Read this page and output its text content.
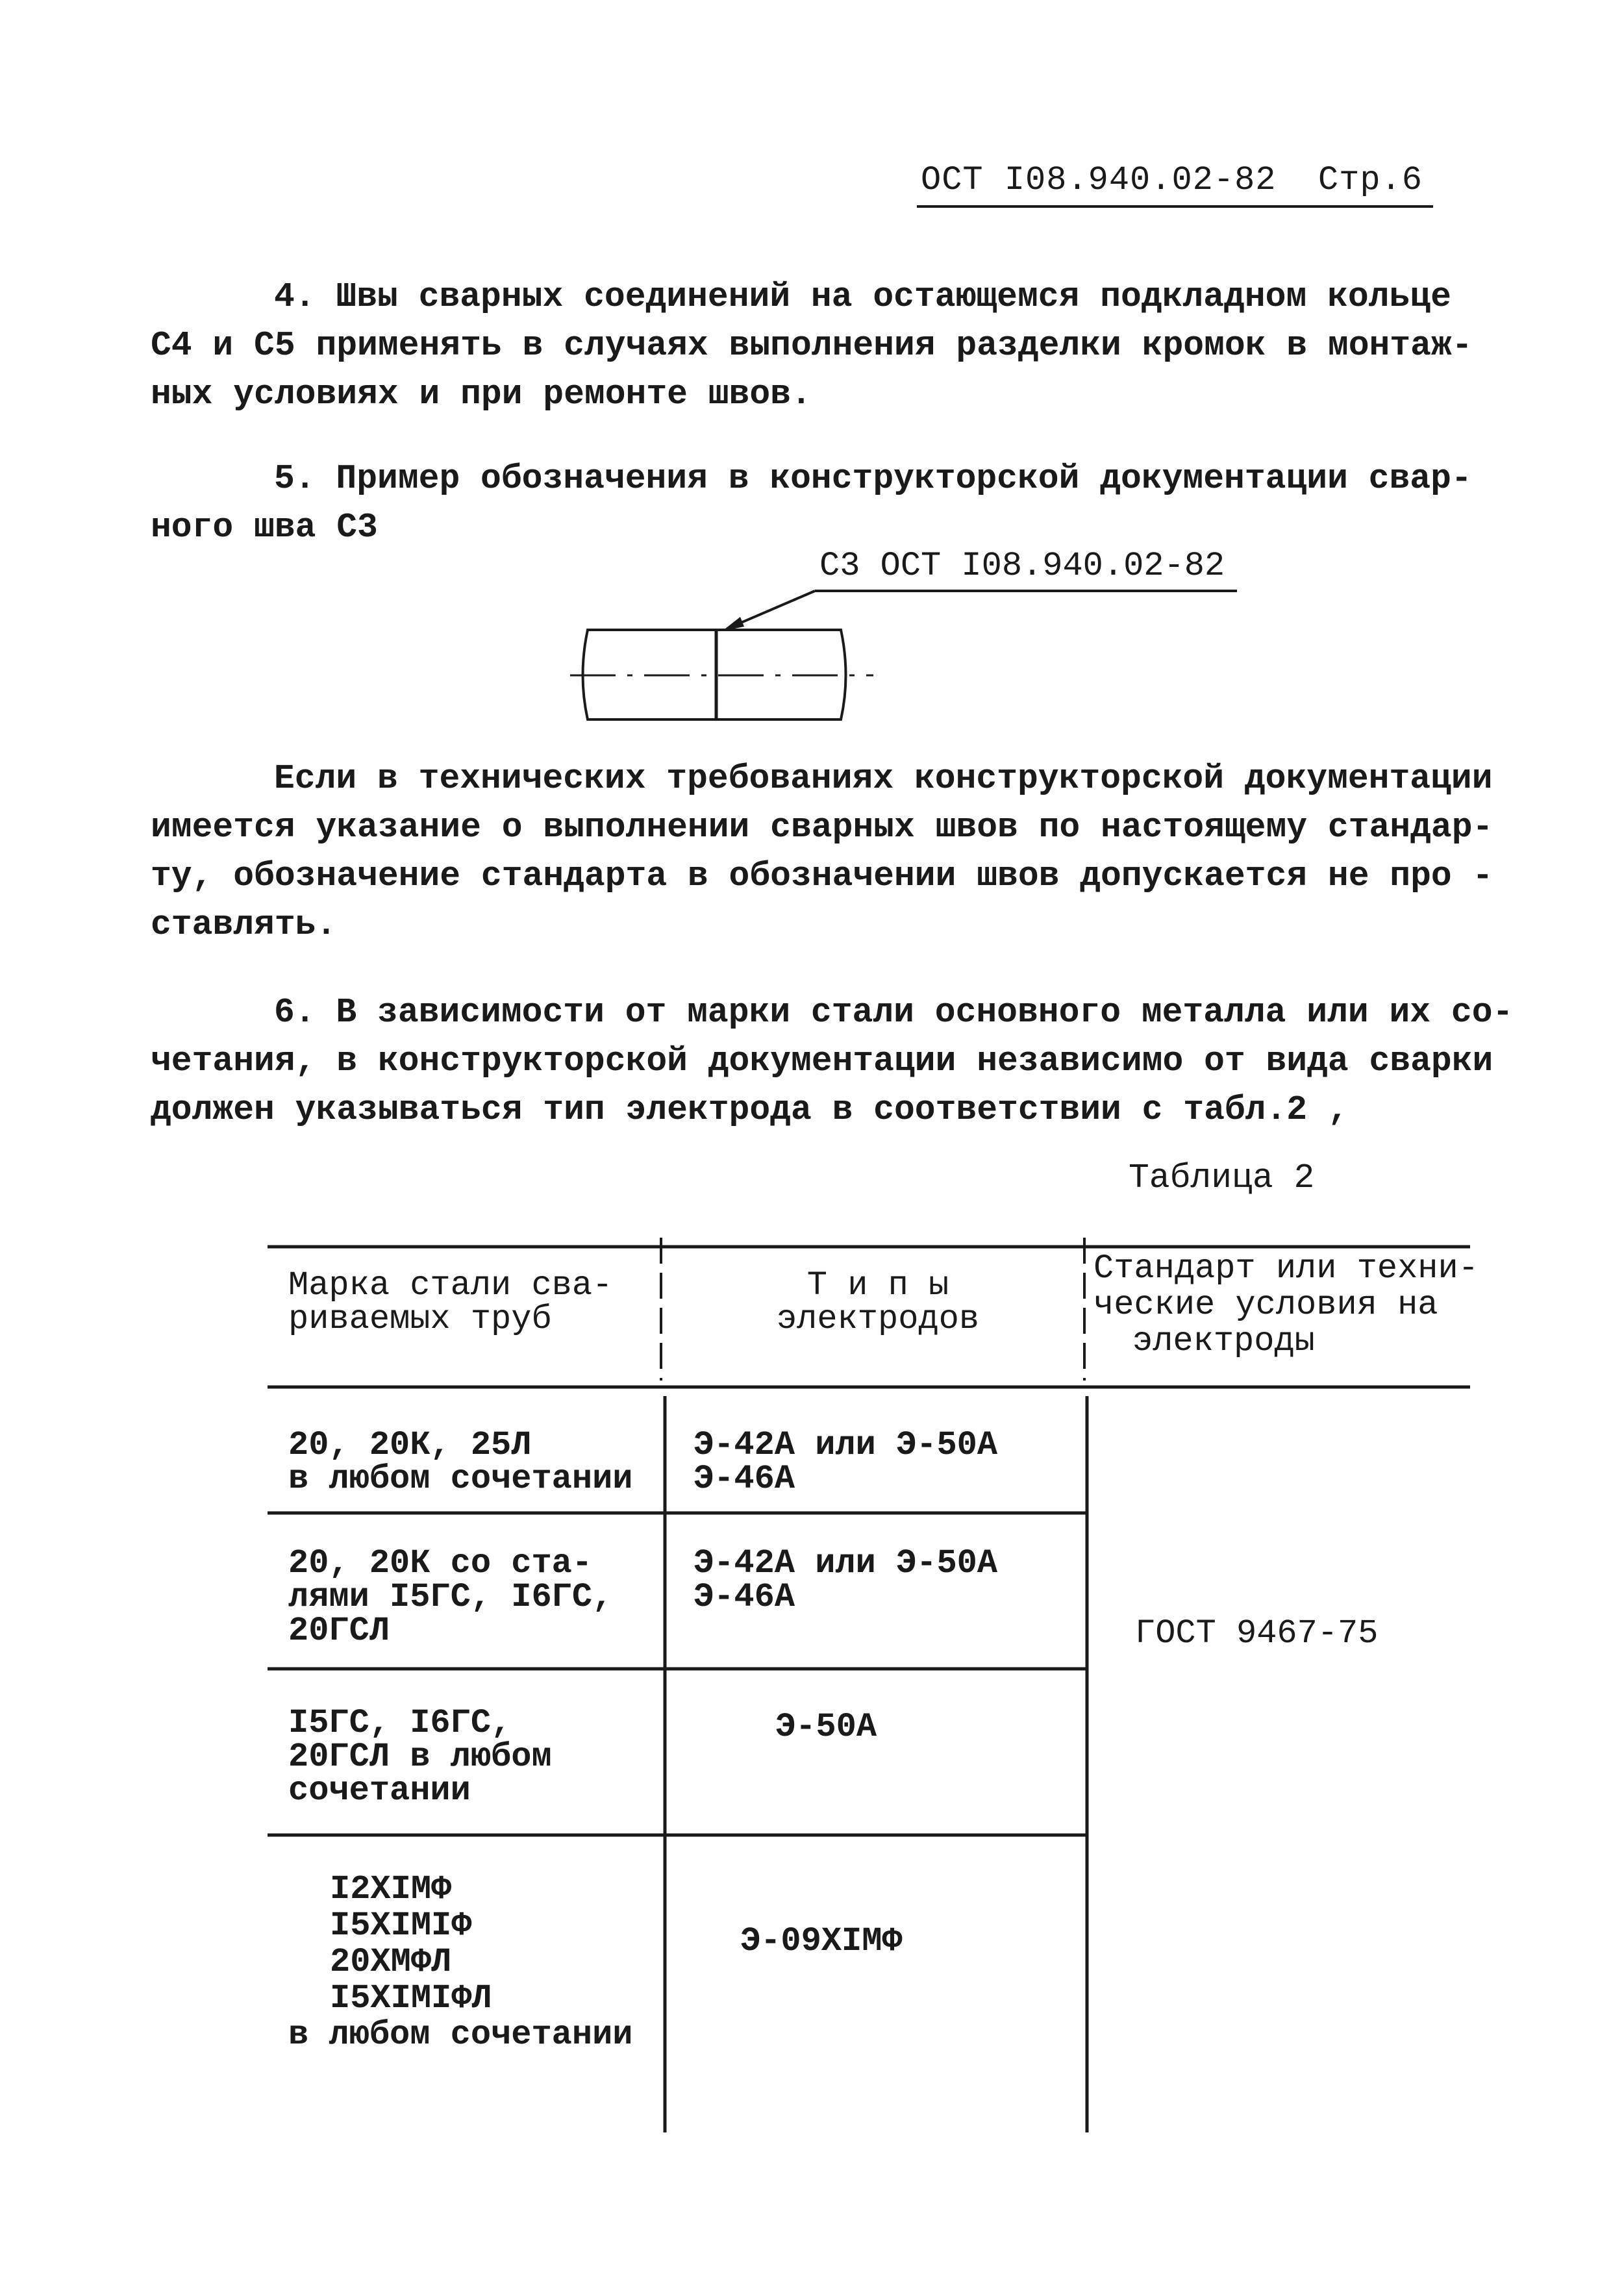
ОСТ I08.940.02-82 Стр.6
4. Швы сварных соединений на остающемся подкладном кольце
С4 и С5 применять в случаях выполнения разделки кромок в монтаж-
ных условиях и при ремонте швов.
5. Пример обозначения в конструкторской документации свар-
ного шва С3
С3 ОСТ I08.940.02-82
Если в технических требованиях конструкторской документации
имеется указание о выполнении сварных швов по настоящему стандар-
ту, обозначение стандарта в обозначении швов допускается не про -
ставлять.
6. В зависимости от марки стали основного металла или их со-
четания, в конструкторской документации независимо от вида сварки
должен указываться тип электрода в соответствии с табл.2 ,
Таблица 2
Марка стали сва-
риваемых труб
Т и п ы
электродов
Стандарт или техни-
ческие условия на
электроды
20, 20К, 25Л
в любом сочетании
Э-42А или Э-50А
Э-46А
20, 20К со ста-
лями I5ГС, I6ГС,
20ГСЛ
Э-42А или Э-50А
Э-46А
I5ГС, I6ГС,
20ГСЛ в любом
сочетании
Э-50А
I2ХIМФ
I5ХIМIФ
20ХМФЛ
I5ХIМIФЛ
в любом сочетании
Э-09ХIМФ
ГОСТ 9467-75
